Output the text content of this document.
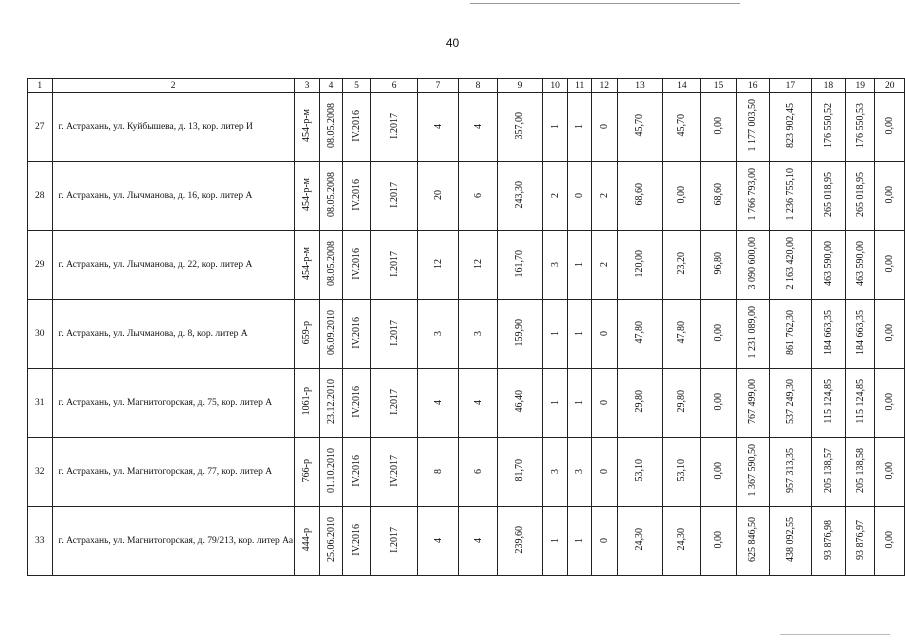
40
1	2	3	4	5	6	7	8	9	10	11	12	13	14	15	16	17	18	19	20
27	г. Астрахань, ул. Куйбышева, д. 13, кор. литер И	454-р-м	08.05.2008	IV.2016	I.2017	4	4	357,00	1	1	0	45,70	45,70	0,00	1 177 003,50	823 902,45	176 550,52	176 550,53	0,00
28	г. Астрахань, ул. Лычманова, д. 16, кор. литер А	454-р-м	08.05.2008	IV.2016	I.2017	20	6	243,30	2	0	2	68,60	0,00	68,60	1 766 793,00	1 236 755,10	265 018,95	265 018,95	0,00
29	г. Астрахань, ул. Лычманова, д. 22, кор. литер А	454-р-м	08.05.2008	IV.2016	I.2017	12	12	161,70	3	1	2	120,00	23,20	96,80	3 090 600,00	2 163 420,00	463 590,00	463 590,00	0,00
30	г. Астрахань, ул. Лычманова, д. 8, кор. литер А	659-р	06.09.2010	IV.2016	I.2017	3	3	159,90	1	1	0	47,80	47,80	0,00	1 231 089,00	861 762,30	184 663,35	184 663,35	0,00
31	г. Астрахань, ул. Магнитогорская, д. 75, кор. литер А	1061-р	23.12.2010	IV.2016	I.2017	4	4	46,40	1	1	0	29,80	29,80	0,00	767 499,00	537 249,30	115 124,85	115 124,85	0,00
32	г. Астрахань, ул. Магнитогорская, д. 77, кор. литер А	766-р	01.10.2010	IV.2016	IV.2017	8	6	81,70	3	3	0	53,10	53,10	0,00	1 367 590,50	957 313,35	205 138,57	205 138,58	0,00
33	г. Астрахань, ул. Магнитогорская, д. 79/213, кор. литер Аа	444-р	25.06.2010	IV.2016	I.2017	4	4	239,60	1	1	0	24,30	24,30	0,00	625 846,50	438 092,55	93 876,98	93 876,97	0,00
